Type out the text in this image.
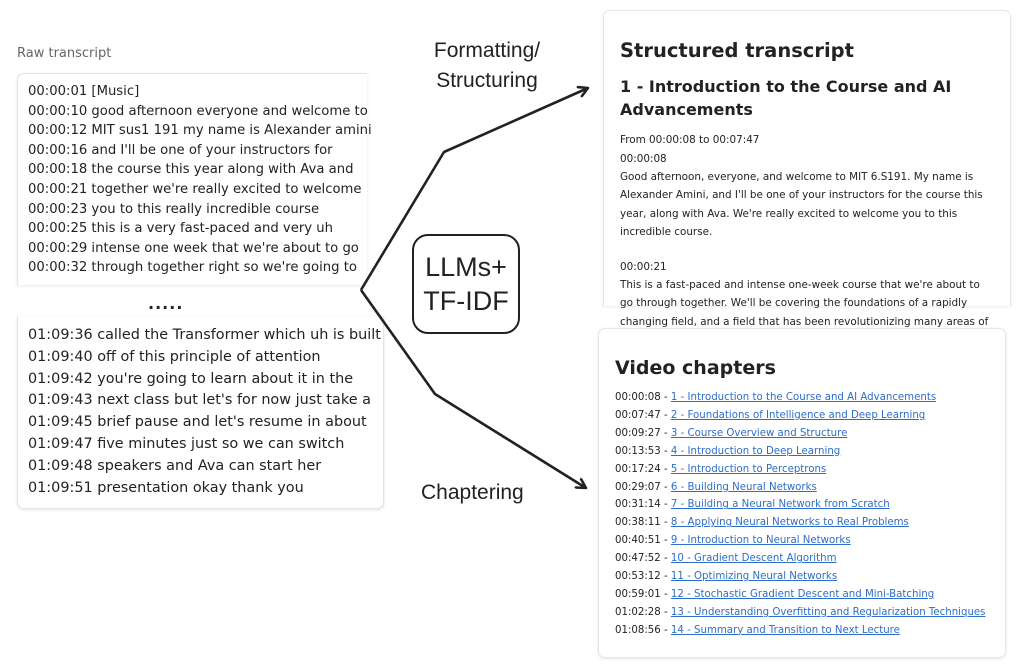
Raw transcript
00:00:01 [Music]
00:00:10 good afternoon everyone and welcome to
00:00:12 MIT sus1 191 my name is Alexander amini
00:00:16 and I'll be one of your instructors for
00:00:18 the course this year along with Ava and
00:00:21 together we're really excited to welcome
00:00:23 you to this really incredible course
00:00:25 this is a very fast-paced and very uh
00:00:29 intense one week that we're about to go
00:00:32 through together right so we're going to
.....
01:09:36 called the Transformer which uh is built
01:09:40 off of this principle of attention
01:09:42 you're going to learn about it in the
01:09:43 next class but let's for now just take a
01:09:45 brief pause and let's resume in about
01:09:47 five minutes just so we can switch
01:09:48 speakers and Ava can start her
01:09:51 presentation okay thank you
Formatting/
Structuring
LLMs+
TF-IDF
Chaptering
Structured transcript
1 - Introduction to the Course and AI Advancements
From 00:00:08 to 00:07:47
00:00:08
Good afternoon, everyone, and welcome to MIT 6.S191. My name is Alexander Amini, and I'll be one of your instructors for the course this year, along with Ava. We're really excited to welcome you to this incredible course.
00:00:21
This is a fast-paced and intense one-week course that we're about to go through together. We'll be covering the foundations of a rapidly changing field, and a field that has been revolutionizing many areas of
Video chapters
00:00:08 - 1 - Introduction to the Course and AI Advancements
00:07:47 - 2 - Foundations of Intelligence and Deep Learning
00:09:27 - 3 - Course Overview and Structure
00:13:53 - 4 - Introduction to Deep Learning
00:17:24 - 5 - Introduction to Perceptrons
00:29:07 - 6 - Building Neural Networks
00:31:14 - 7 - Building a Neural Network from Scratch
00:38:11 - 8 - Applying Neural Networks to Real Problems
00:40:51 - 9 - Introduction to Neural Networks
00:47:52 - 10 - Gradient Descent Algorithm
00:53:12 - 11 - Optimizing Neural Networks
00:59:01 - 12 - Stochastic Gradient Descent and Mini-Batching
01:02:28 - 13 - Understanding Overfitting and Regularization Techniques
01:08:56 - 14 - Summary and Transition to Next Lecture
